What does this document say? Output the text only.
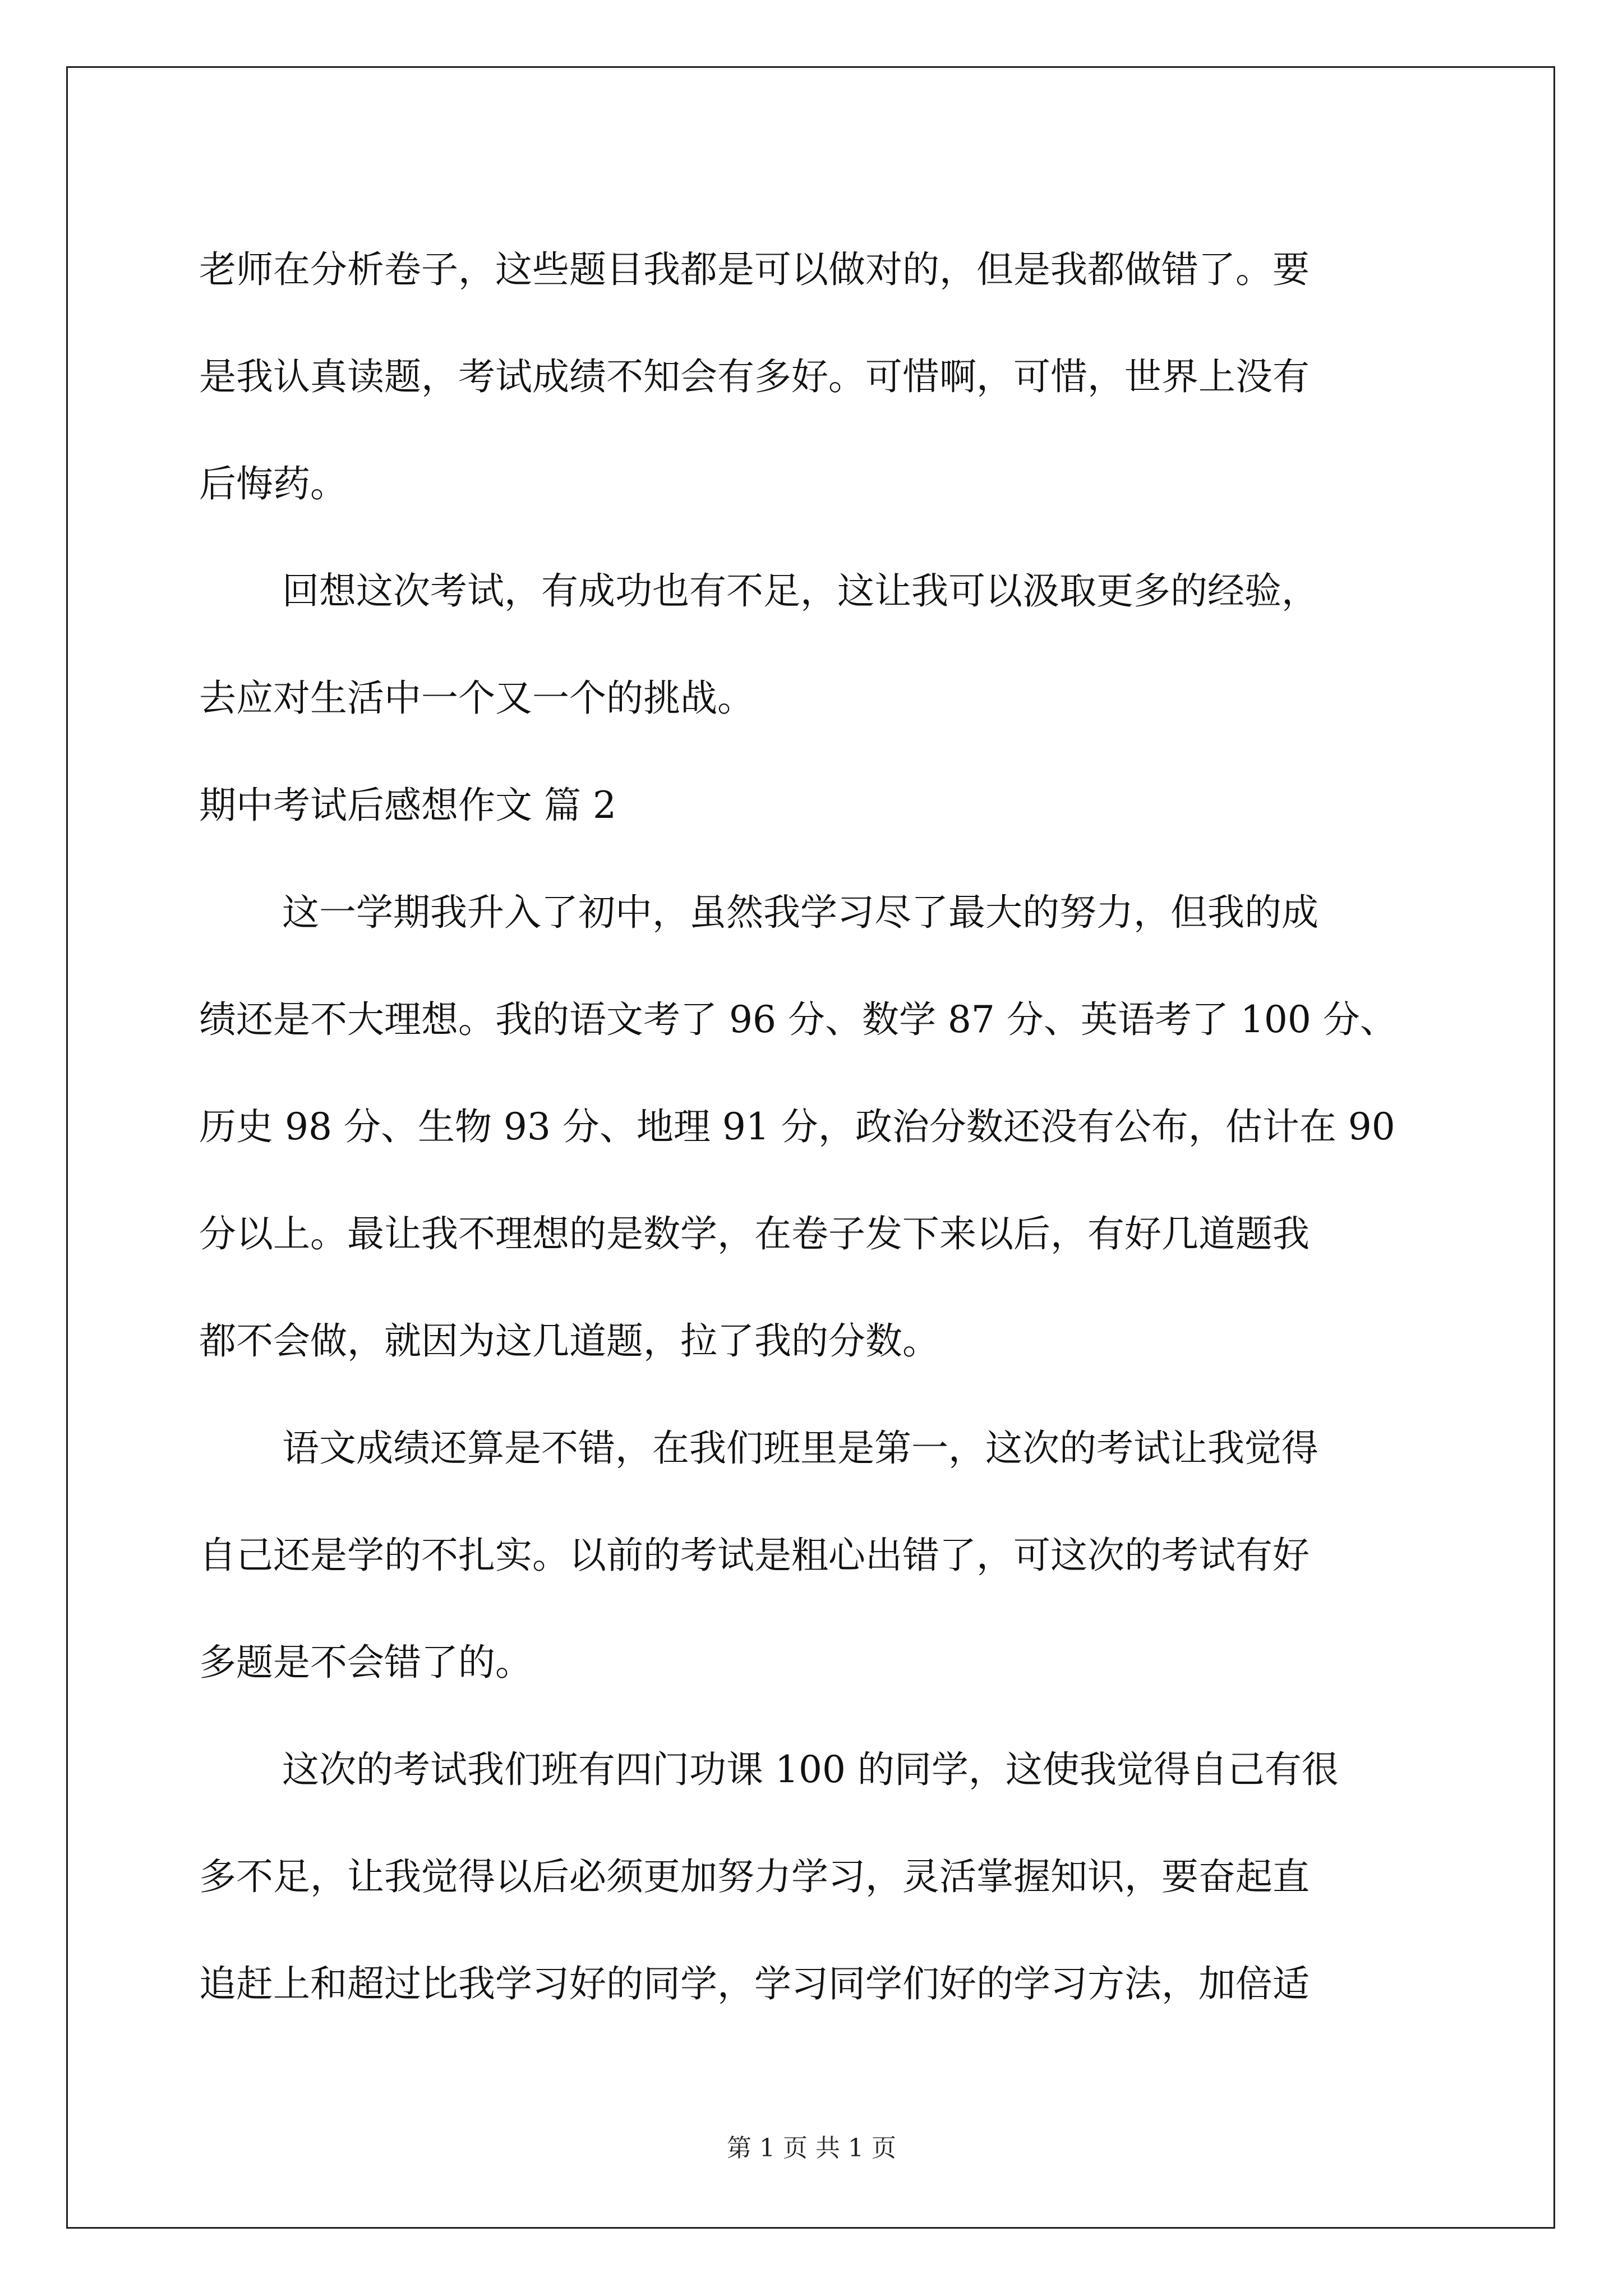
老师在分析卷子，这些题目我都是可以做对的，但是我都做错了。要

是我认真读题，考试成绩不知会有多好。可惜啊，可惜，世界上没有

后悔药。

回想这次考试，有成功也有不足，这让我可以汲取更多的经验，

去应对生活中一个又一个的挑战。

期中考试后感想作文 篇 2

这一学期我升入了初中，虽然我学习尽了最大的努力，但我的成

绩还是不大理想。我的语文考了 96 分、数学 87 分、英语考了 100 分、

历史 98 分、生物 93 分、地理 91 分，政治分数还没有公布，估计在 90

分以上。最让我不理想的是数学，在卷子发下来以后，有好几道题我

都不会做，就因为这几道题，拉了我的分数。

语文成绩还算是不错，在我们班里是第一，这次的考试让我觉得

自己还是学的不扎实。以前的考试是粗心出错了，可这次的考试有好

多题是不会错了的。

这次的考试我们班有四门功课 100 的同学，这使我觉得自己有很

多不足，让我觉得以后必须更加努力学习，灵活掌握知识，要奋起直

追赶上和超过比我学习好的同学，学习同学们好的学习方法，加倍适

第 1 页 共 1 页
